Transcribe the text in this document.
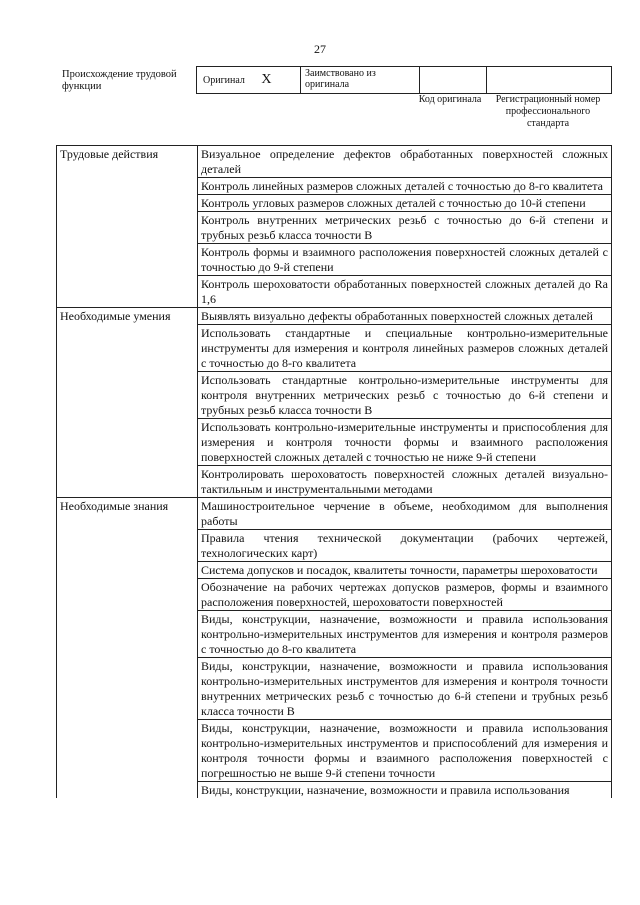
27
Происхождение трудовой функции
Оригинал X	Заимствовано из оригинала		
Код оригинала	Регистрационный номер профессионального стандарта
Трудовые действия	Визуальное определение дефектов обработанных поверхностей сложных деталей
	Контроль линейных размеров сложных деталей с точностью до 8-го квалитета
	Контроль угловых размеров сложных деталей с точностью до 10-й степени
	Контроль внутренних метрических резьб с точностью до 6-й степени и трубных резьб класса точности В
	Контроль формы и взаимного расположения поверхностей сложных деталей с точностью до 9-й степени
	Контроль шероховатости обработанных поверхностей сложных деталей до Ra 1,6
Необходимые умения	Выявлять визуально дефекты обработанных поверхностей сложных деталей
	Использовать стандартные и специальные контрольно-измерительные инструменты для измерения и контроля линейных размеров сложных деталей с точностью до 8-го квалитета
	Использовать стандартные контрольно-измерительные инструменты для контроля внутренних метрических резьб с точностью до 6-й степени и трубных резьб класса точности В
	Использовать контрольно-измерительные инструменты и приспособления для измерения и контроля точности формы и взаимного расположения поверхностей сложных деталей с точностью не ниже 9-й степени
	Контролировать шероховатость поверхностей сложных деталей визуально-тактильным и инструментальными методами
Необходимые знания	Машиностроительное черчение в объеме, необходимом для выполнения работы
	Правила чтения технической документации (рабочих чертежей, технологических карт)
	Система допусков и посадок, квалитеты точности, параметры шероховатости
	Обозначение на рабочих чертежах допусков размеров, формы и взаимного расположения поверхностей, шероховатости поверхностей
	Виды, конструкции, назначение, возможности и правила использования контрольно-измерительных инструментов для измерения и контроля размеров с точностью до 8-го квалитета
	Виды, конструкции, назначение, возможности и правила использования контрольно-измерительных инструментов для измерения и контроля точности внутренних метрических резьб с точностью до 6-й степени и трубных резьб класса точности В
	Виды, конструкции, назначение, возможности и правила использования контрольно-измерительных инструментов и приспособлений для измерения и контроля точности формы и взаимного расположения поверхностей с погрешностью не выше 9-й степени точности
	Виды, конструкции, назначение, возможности и правила использования
